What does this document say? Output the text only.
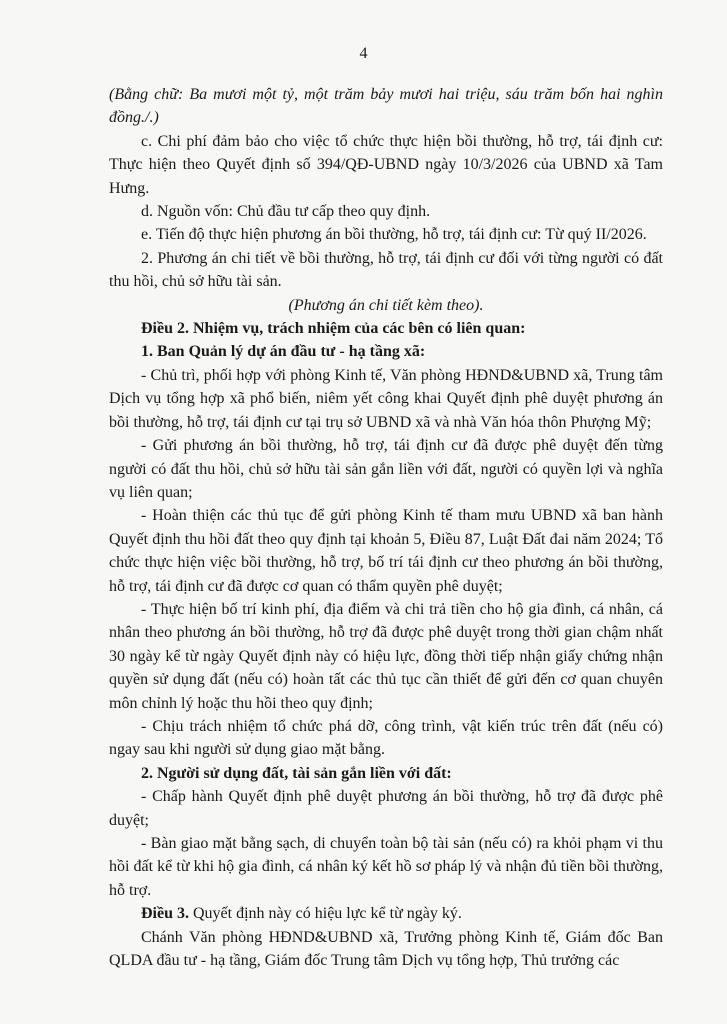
4

(Bằng chữ: Ba mươi một tỷ, một trăm bảy mươi hai triệu, sáu trăm bốn hai nghìn đồng./.)

c. Chi phí đảm bảo cho việc tổ chức thực hiện bồi thường, hỗ trợ, tái định cư: Thực hiện theo Quyết định số 394/QĐ-UBND ngày 10/3/2026 của UBND xã Tam Hưng.

d. Nguồn vốn: Chủ đầu tư cấp theo quy định.

e. Tiến độ thực hiện phương án bồi thường, hỗ trợ, tái định cư: Từ quý II/2026.

2. Phương án chi tiết về bồi thường, hỗ trợ, tái định cư đối với từng người có đất thu hồi, chủ sở hữu tài sản.

(Phương án chi tiết kèm theo).

Điều 2. Nhiệm vụ, trách nhiệm của các bên có liên quan:

1. Ban Quản lý dự án đầu tư - hạ tầng xã:

- Chủ trì, phối hợp với phòng Kinh tế, Văn phòng HĐND&UBND xã, Trung tâm Dịch vụ tổng hợp xã phổ biến, niêm yết công khai Quyết định phê duyệt phương án bồi thường, hỗ trợ, tái định cư tại trụ sở UBND xã và nhà Văn hóa thôn Phượng Mỹ;

- Gửi phương án bồi thường, hỗ trợ, tái định cư đã được phê duyệt đến từng người có đất thu hồi, chủ sở hữu tài sản gắn liền với đất, người có quyền lợi và nghĩa vụ liên quan;

- Hoàn thiện các thủ tục để gửi phòng Kinh tế tham mưu UBND xã ban hành Quyết định thu hồi đất theo quy định tại khoản 5, Điều 87, Luật Đất đai năm 2024; Tổ chức thực hiện việc bồi thường, hỗ trợ, bố trí tái định cư theo phương án bồi thường, hỗ trợ, tái định cư đã được cơ quan có thẩm quyền phê duyệt;

- Thực hiện bố trí kinh phí, địa điểm và chi trả tiền cho hộ gia đình, cá nhân, cá nhân theo phương án bồi thường, hỗ trợ đã được phê duyệt trong thời gian chậm nhất 30 ngày kể từ ngày Quyết định này có hiệu lực, đồng thời tiếp nhận giấy chứng nhận quyền sử dụng đất (nếu có) hoàn tất các thủ tục cần thiết để gửi đến cơ quan chuyên môn chỉnh lý hoặc thu hồi theo quy định;

- Chịu trách nhiệm tổ chức phá dỡ, công trình, vật kiến trúc trên đất (nếu có) ngay sau khi người sử dụng giao mặt bằng.

2. Người sử dụng đất, tài sản gắn liền với đất:

- Chấp hành Quyết định phê duyệt phương án bồi thường, hỗ trợ đã được phê duyệt;

- Bàn giao mặt bằng sạch, di chuyển toàn bộ tài sản (nếu có) ra khỏi phạm vi thu hồi đất kể từ khi hộ gia đình, cá nhân ký kết hồ sơ pháp lý và nhận đủ tiền bồi thường, hỗ trợ.

Điều 3. Quyết định này có hiệu lực kể từ ngày ký.

Chánh Văn phòng HĐND&UBND xã, Trưởng phòng Kinh tế, Giám đốc Ban QLDA đầu tư - hạ tầng, Giám đốc Trung tâm Dịch vụ tổng hợp, Thủ trưởng các
